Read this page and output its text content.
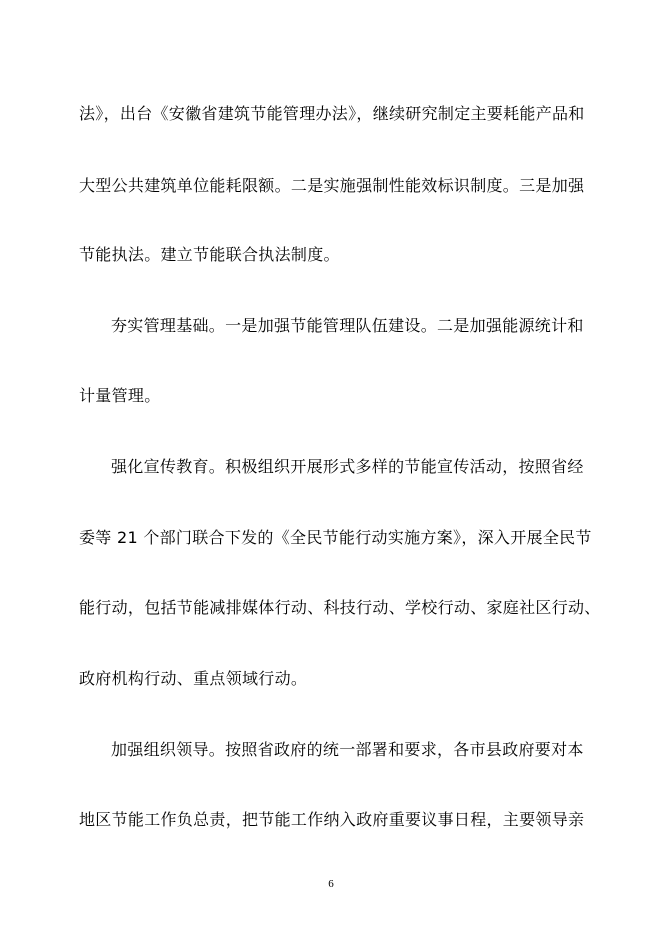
法》，出台《安徽省建筑节能管理办法》，继续研究制定主要耗能产品和
大型公共建筑单位能耗限额。二是实施强制性能效标识制度。三是加强
节能执法。建立节能联合执法制度。
夯实管理基础。一是加强节能管理队伍建设。二是加强能源统计和
计量管理。
强化宣传教育。积极组织开展形式多样的节能宣传活动，按照省经
委等 21 个部门联合下发的《全民节能行动实施方案》，深入开展全民节
能行动，包括节能减排媒体行动、科技行动、学校行动、家庭社区行动、
政府机构行动、重点领域行动。
加强组织领导。按照省政府的统一部署和要求，各市县政府要对本
地区节能工作负总责，把节能工作纳入政府重要议事日程，主要领导亲
6
